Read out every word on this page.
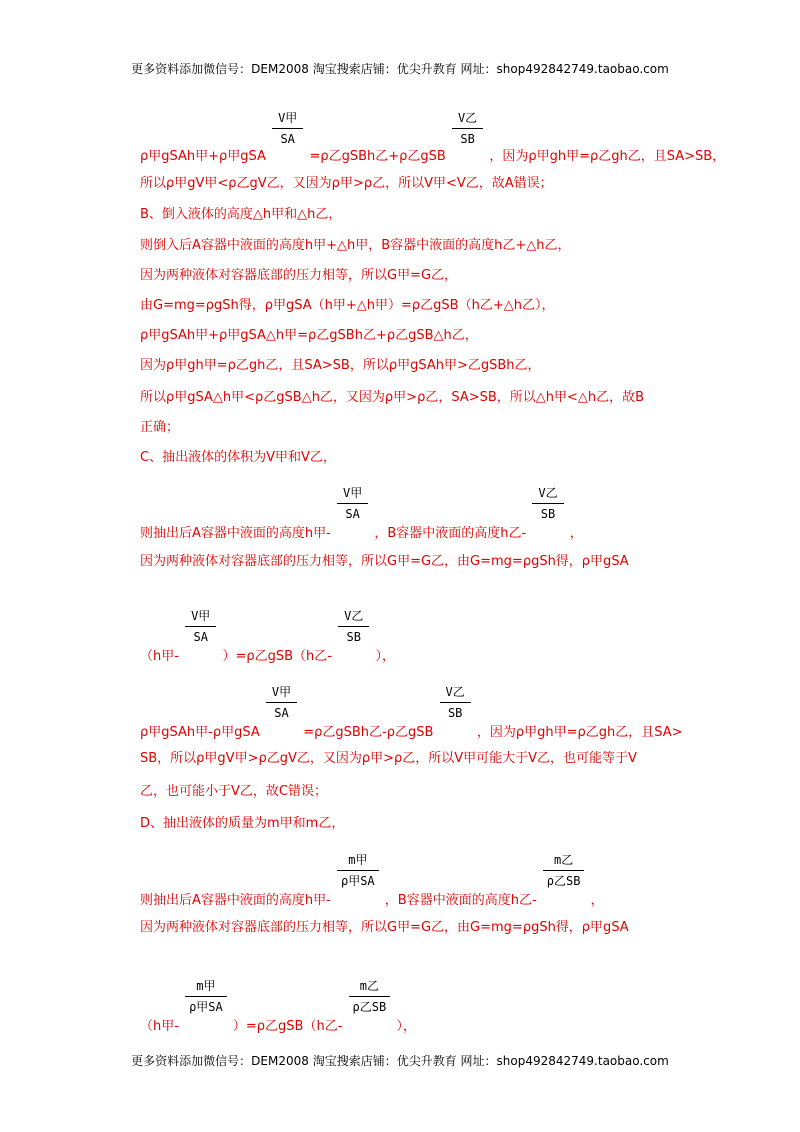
更多资料添加微信号：DEM2008 淘宝搜索店铺：优尖升教育 网址：shop492842749.taobao.com
ρ甲gSAh甲+ρ甲gSA
$\frac{\text{V甲}}{SA}$
=ρ乙gSBh乙+ρ乙gSB
$\frac{\text{V乙}}{SB}$
，因为ρ甲gh甲=ρ乙gh乙，且SA>SB，
所以ρ甲gV甲<ρ乙gV乙，又因为ρ甲>ρ乙，所以V甲<V乙，故A错误；
B、倒入液体的高度△h甲和△h乙，
则倒入后A容器中液面的高度h甲+△h甲，B容器中液面的高度h乙+△h乙，
因为两种液体对容器底部的压力相等，所以G甲=G乙，
由G=mg=ρgSh得，ρ甲gSA（h甲+△h甲）=ρ乙gSB（h乙+△h乙），
ρ甲gSAh甲+ρ甲gSA△h甲=ρ乙gSBh乙+ρ乙gSB△h乙，
因为ρ甲gh甲=ρ乙gh乙，且SA>SB，所以ρ甲gSAh甲>乙gSBh乙，
所以ρ甲gSA△h甲<ρ乙gSB△h乙，又因为ρ甲>ρ乙，SA>SB，所以△h甲<△h乙，故B
正确；
C、抽出液体的体积为V甲和V乙，
则抽出后A容器中液面的高度h甲-
$\frac{\text{V甲}}{SA}$
，B容器中液面的高度h乙-
$\frac{\text{V乙}}{SB}$
，
因为两种液体对容器底部的压力相等，所以G甲=G乙，由G=mg=ρgSh得，ρ甲gSA
（h甲-
$\frac{\text{V甲}}{SA}$
）=ρ乙gSB（h乙-
$\frac{\text{V乙}}{SB}$
），
ρ甲gSAh甲-ρ甲gSA
$\frac{\text{V甲}}{SA}$
=ρ乙gSBh乙-ρ乙gSB
$\frac{\text{V乙}}{SB}$
，因为ρ甲gh甲=ρ乙gh乙，且SA>
SB，所以ρ甲gV甲>ρ乙gV乙，又因为ρ甲>ρ乙，所以V甲可能大于V乙，也可能等于V
乙，也可能小于V乙，故C错误；
D、抽出液体的质量为m甲和m乙，
则抽出后A容器中液面的高度h甲-
$\frac{\text{m甲}}{\text{ρ甲SA}}$
，B容器中液面的高度h乙-
$\frac{\text{m乙}}{\text{ρ乙SB}}$
，
因为两种液体对容器底部的压力相等，所以G甲=G乙，由G=mg=ρgSh得，ρ甲gSA
（h甲-
$\frac{\text{m甲}}{\text{ρ甲SA}}$
）=ρ乙gSB（h乙-
$\frac{\text{m乙}}{\text{ρ乙SB}}$
），
更多资料添加微信号：DEM2008 淘宝搜索店铺：优尖升教育 网址：shop492842749.taobao.com
